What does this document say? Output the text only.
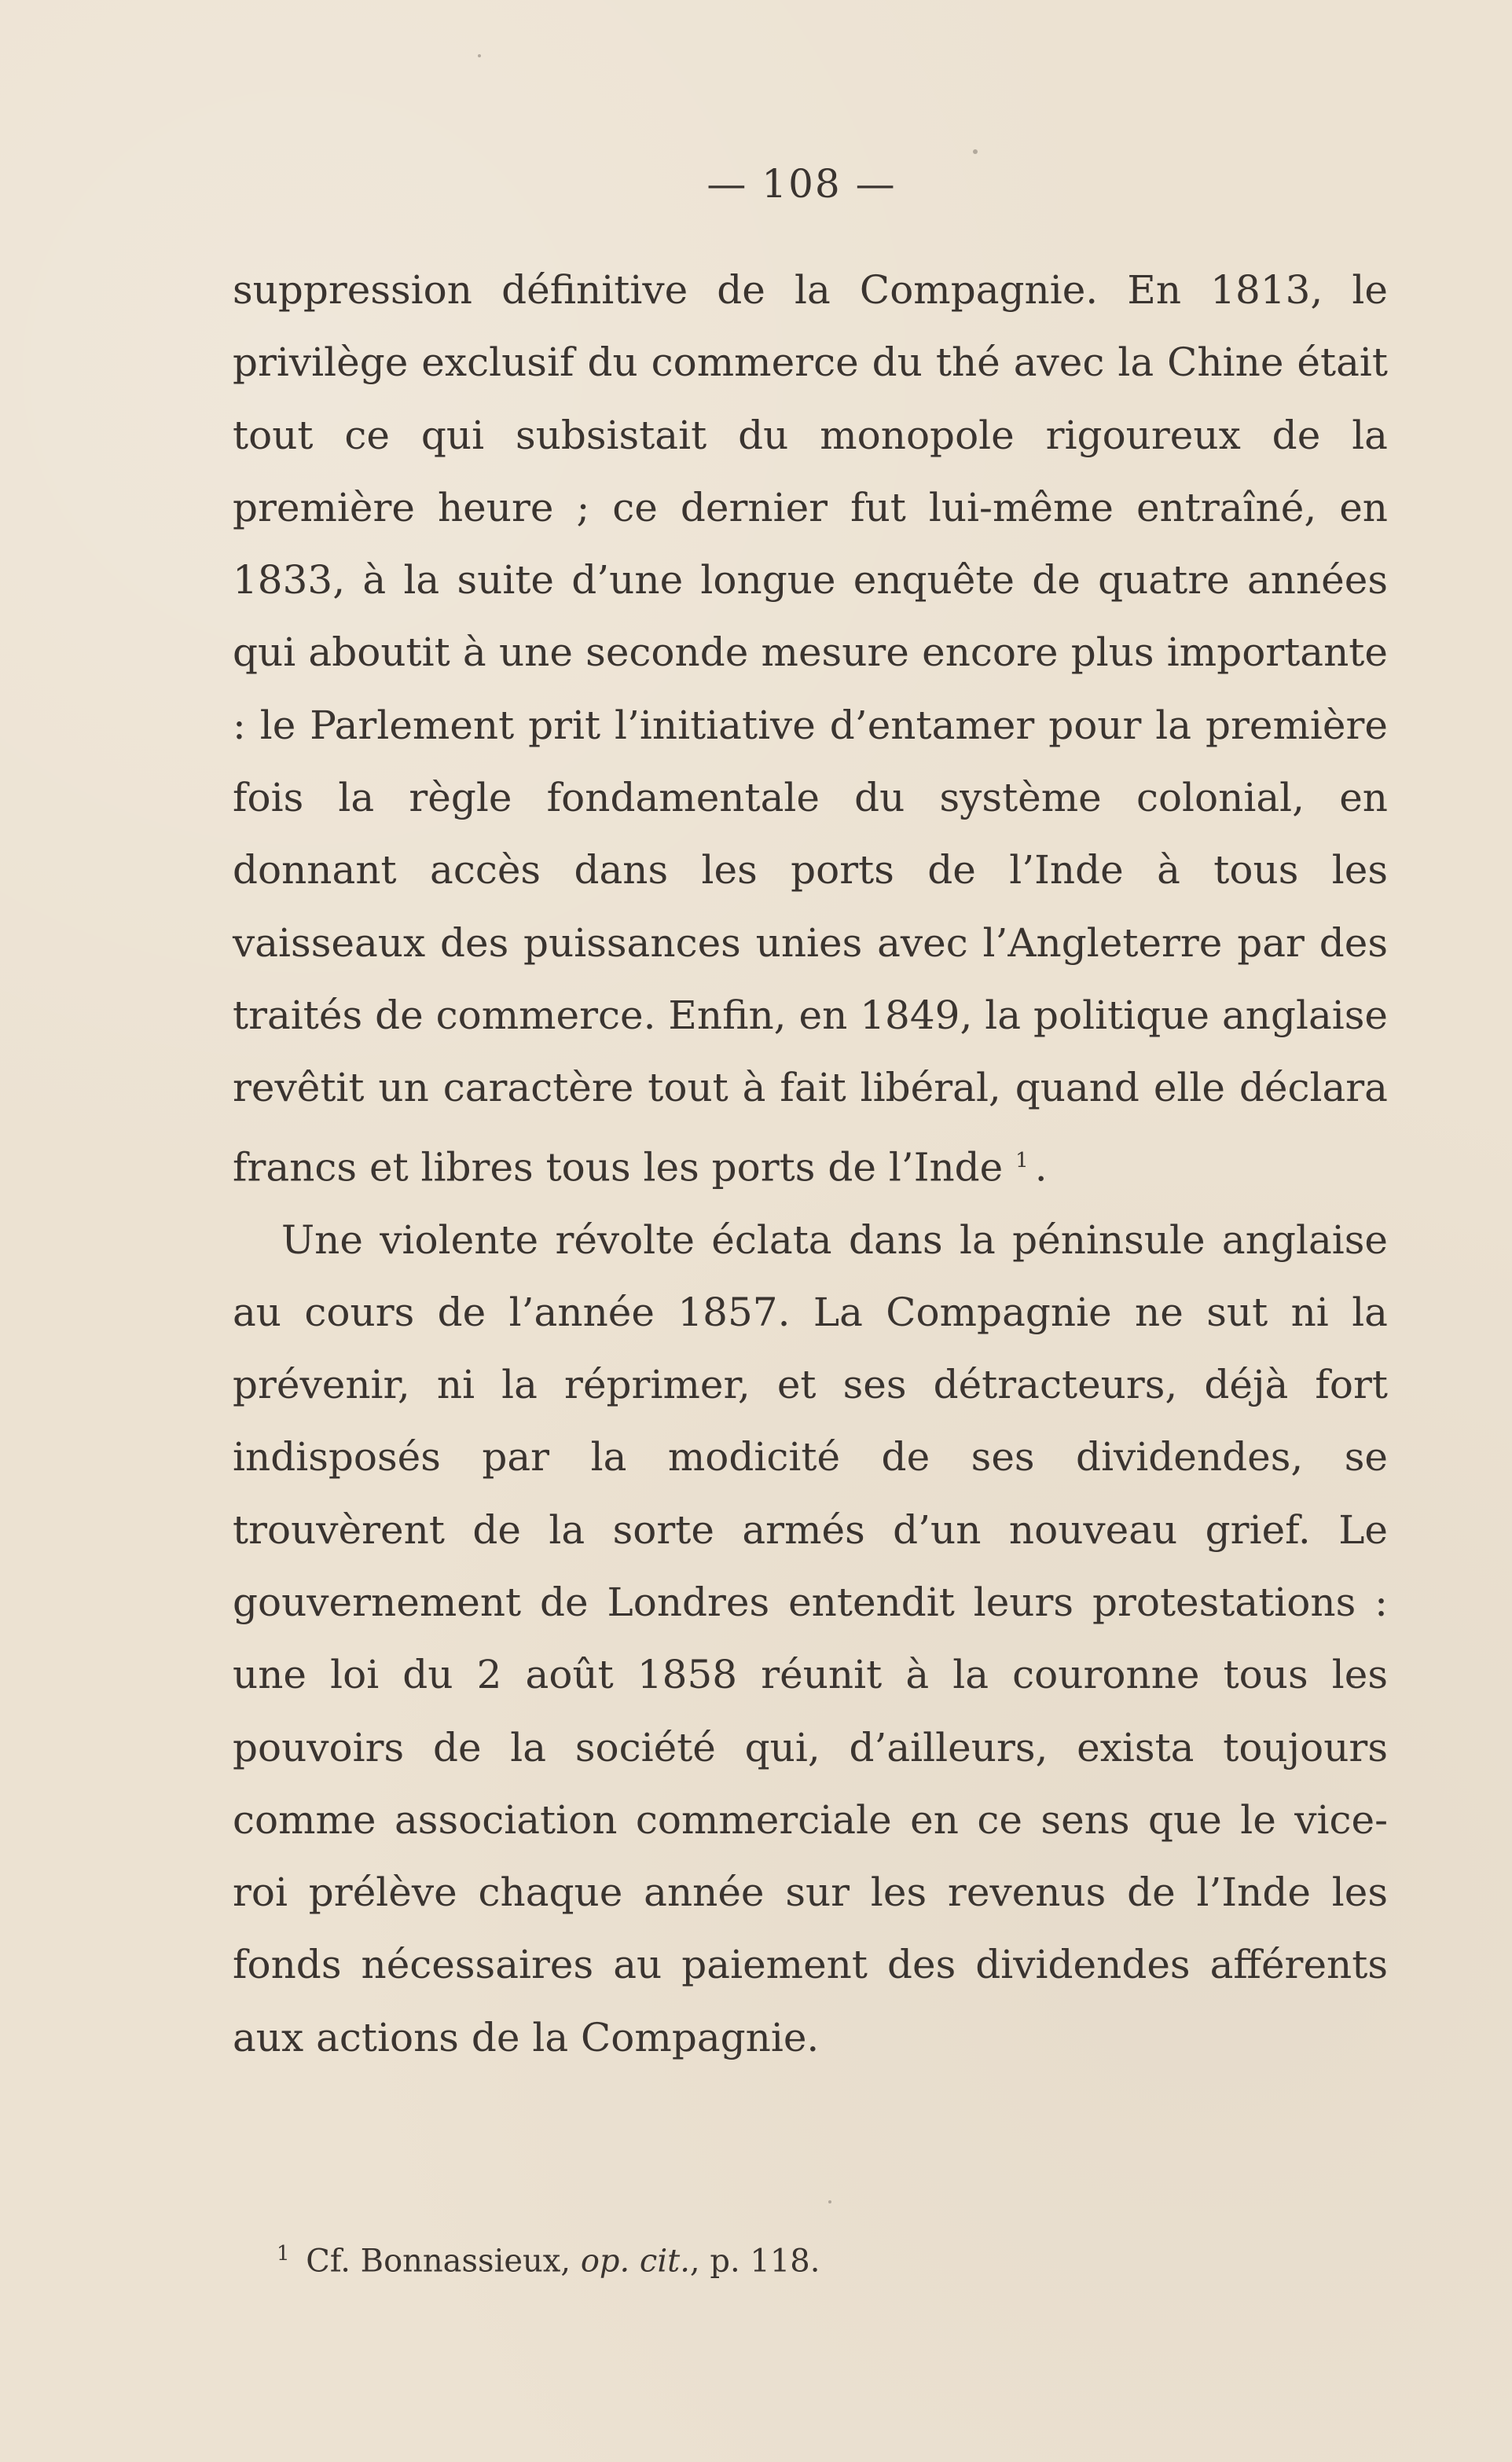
— 108 —

suppression définitive de la Compagnie. En 1813, le privilège exclusif du commerce du thé avec la Chine était tout ce qui subsistait du monopole rigoureux de la première heure ; ce dernier fut lui-même entraîné, en 1833, à la suite d’une longue enquête de quatre années qui aboutit à une seconde mesure encore plus importante : le Parlement prit l’initiative d’entamer pour la première fois la règle fondamentale du système colonial, en donnant accès dans les ports de l’Inde à tous les vaisseaux des puissances unies avec l’Angleterre par des traités de commerce. Enfin, en 1849, la politique anglaise revêtit un caractère tout à fait libéral, quand elle déclara francs et libres tous les ports de l’Inde $^1$ .

Une violente révolte éclata dans la péninsule anglaise au cours de l’année 1857. La Compagnie ne sut ni la prévenir, ni la réprimer, et ses détracteurs, déjà fort indisposés par la modicité de ses dividendes, se trouvèrent de la sorte armés d’un nouveau grief. Le gouvernement de Londres entendit leurs protestations : une loi du 2 août 1858 réunit à la couronne tous les pouvoirs de la société qui, d’ailleurs, exista toujours comme association commerciale en ce sens que le vice-roi prélève chaque année sur les revenus de l’Inde les fonds nécessaires au paiement des dividendes afférents aux actions de la Compagnie.

$^1$ Cf. Bonnassieux, op. cit., p. 118.
